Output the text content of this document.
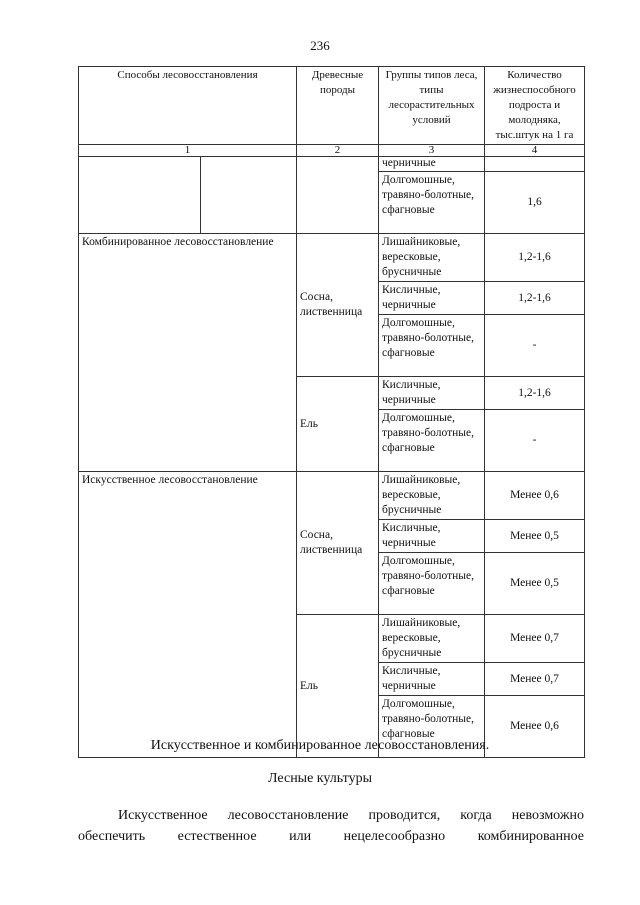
236
Способы лесовосстановления		Древесные породы	Группы типов леса, типы лесорастительных условий	Количество жизнеспособного подроста и молодняка, тыс.штук на 1 га
1		2	3	4
			черничные	
			Долгомошные, травяно-болотные, сфагновые	1,6
Комбинированное лесовосстановление		Сосна, лиственница	Лишайниковые, вересковые, брусничные	1,2-1,6
			Кисличные, черничные	1,2-1,6
			Долгомошные, травяно-болотные, сфагновые	-
		Ель	Кисличные, черничные	1,2-1,6
			Долгомошные, травяно-болотные, сфагновые	-
Искусственное лесовосстановление		Сосна, лиственница	Лишайниковые, вересковые, брусничные	Менее 0,6
			Кисличные, черничные	Менее 0,5
			Долгомошные, травяно-болотные, сфагновые	Менее 0,5
		Ель	Лишайниковые, вересковые, брусничные	Менее 0,7
			Кисличные, черничные	Менее 0,7
			Долгомошные, травяно-болотные, сфагновые	Менее 0,6
Искусственное и комбинированное лесовосстановления.
Лесные культуры
Искусственное лесовосстановление проводится, когда невозможно
обеспечить естественное или нецелесообразно комбинированное
